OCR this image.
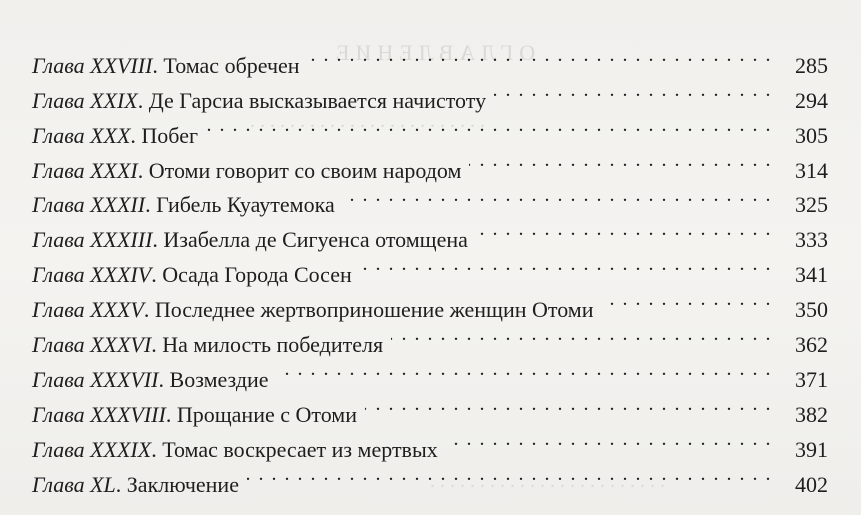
ОГЛАВЛЕНИЕ
. . . . . . . . . . . . . . . . . . . . . . . .
. . . . . . . . . . . . . . . . . . . . . . . .
Глава XXVIII . Томас обречен . . .	285
Глава XXIX . Де Гарсиа высказывается начистоту . . .	294
Глава XXX . Побег . . .	305
Глава XXXI . Отоми говорит со своим народом . . .	314
Глава XXXII . Гибель Куаутемока . . .	325
Глава XXXIII . Изабелла де Сигуенса отомщена . . .	333
Глава XXXIV . Осада Города Сосен . . .	341
Глава XXXV . Последнее жертвоприношение женщин Отоми . . .	350
Глава XXXVI . На милость победителя . . .	362
Глава XXXVII . Возмездие . . .	371
Глава XXXVIII . Прощание с Отоми . . .	382
Глава XXXIX . Томас воскресает из мертвых . . .	391
Глава XL . Заключение . . .	402
